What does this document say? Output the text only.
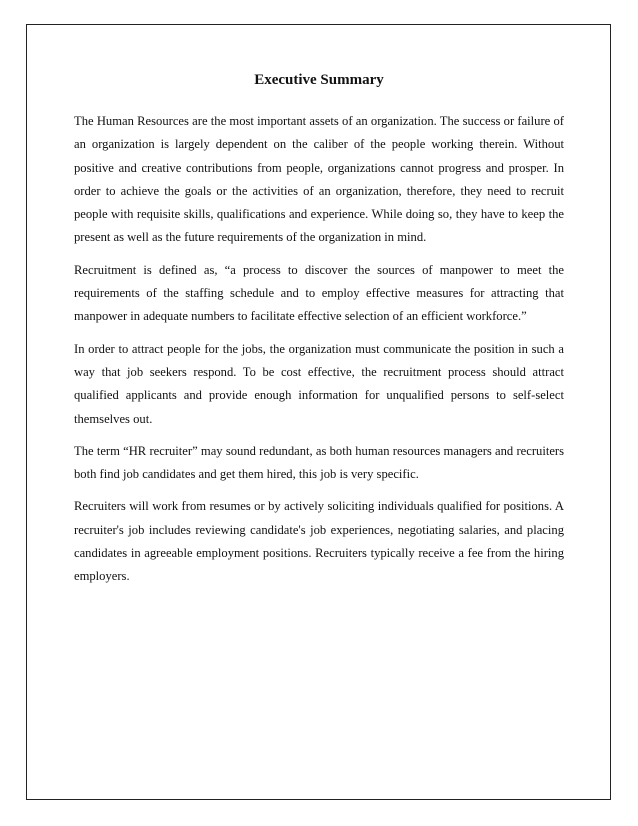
Executive Summary

The Human Resources are the most important assets of an organization. The success or failure of an organization is largely dependent on the caliber of the people working therein. Without positive and creative contributions from people, organizations cannot progress and prosper. In order to achieve the goals or the activities of an organization, therefore, they need to recruit people with requisite skills, qualifications and experience. While doing so, they have to keep the present as well as the future requirements of the organization in mind.

Recruitment is defined as, “a process to discover the sources of manpower to meet the requirements of the staffing schedule and to employ effective measures for attracting that manpower in adequate numbers to facilitate effective selection of an efficient workforce.”

In order to attract people for the jobs, the organization must communicate the position in such a way that job seekers respond. To be cost effective, the recruitment process should attract qualified applicants and provide enough information for unqualified persons to self-select themselves out.

The term “HR recruiter” may sound redundant, as both human resources managers and recruiters both find job candidates and get them hired, this job is very specific.

Recruiters will work from resumes or by actively soliciting individuals qualified for positions. A recruiter's job includes reviewing candidate's job experiences, negotiating salaries, and placing candidates in agreeable employment positions. Recruiters typically receive a fee from the hiring employers.
